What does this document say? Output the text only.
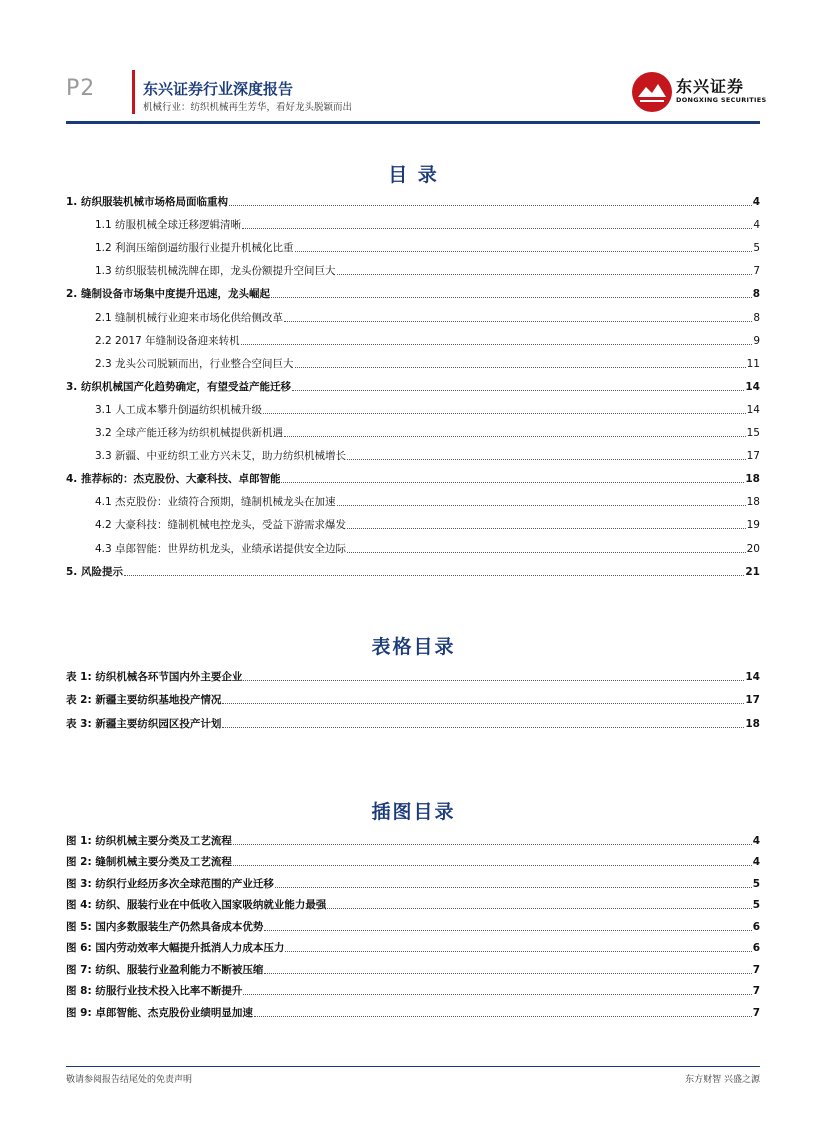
P2	东兴证券行业深度报告
机械行业：纺织机械再生芳华，看好龙头脱颖而出
东兴证券
DONGXING SECURITIES
目 录
1. 纺织服装机械市场格局面临重构	4
1.1 纺服机械全球迁移逻辑清晰	4
1.2 利润压缩倒逼纺服行业提升机械化比重	5
1.3 纺织服装机械洗牌在即，龙头份额提升空间巨大	7
2. 缝制设备市场集中度提升迅速，龙头崛起	8
2.1 缝制机械行业迎来市场化供给侧改革	8
2.2 2017 年缝制设备迎来转机	9
2.3 龙头公司脱颖而出，行业整合空间巨大	11
3. 纺织机械国产化趋势确定，有望受益产能迁移	14
3.1 人工成本攀升倒逼纺织机械升级	14
3.2 全球产能迁移为纺织机械提供新机遇	15
3.3 新疆、中亚纺织工业方兴未艾，助力纺织机械增长	17
4. 推荐标的：杰克股份、大豪科技、卓郎智能	18
4.1 杰克股份：业绩符合预期，缝制机械龙头在加速	18
4.2 大豪科技：缝制机械电控龙头，受益下游需求爆发	19
4.3 卓郎智能：世界纺机龙头，业绩承诺提供安全边际	20
5. 风险提示	21
表格目录
表 1: 纺织机械各环节国内外主要企业	14
表 2: 新疆主要纺织基地投产情况	17
表 3: 新疆主要纺织园区投产计划	18
插图目录
图 1: 纺织机械主要分类及工艺流程	4
图 2: 缝制机械主要分类及工艺流程	4
图 3: 纺织行业经历多次全球范围的产业迁移	5
图 4: 纺织、服装行业在中低收入国家吸纳就业能力最强	5
图 5: 国内多数服装生产仍然具备成本优势	6
图 6: 国内劳动效率大幅提升抵消人力成本压力	6
图 7: 纺织、服装行业盈利能力不断被压缩	7
图 8: 纺服行业技术投入比率不断提升	7
图 9: 卓郎智能、杰克股份业绩明显加速	7
敬请参阅报告结尾处的免责声明	东方财智 兴盛之源
